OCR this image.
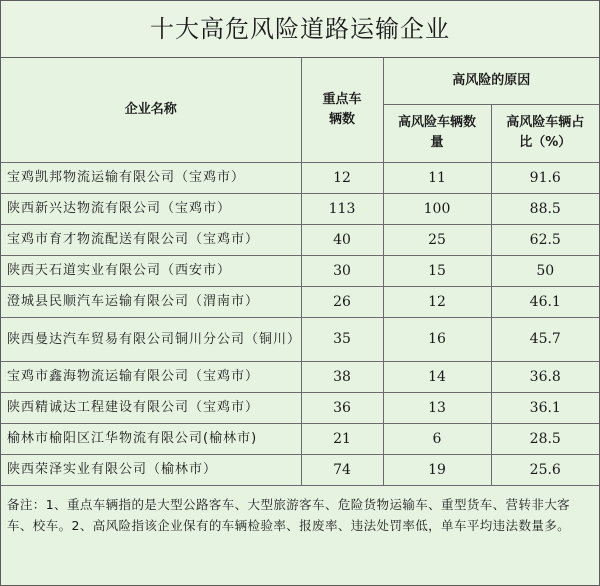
十大高危风险道路运输企业
企业名称	重点车辆数	高风险的原因	

		高风险车辆数量	高风险车辆占比（%）

宝鸡凯邦物流运输有限公司（宝鸡市）	12	11	91.6
陕西新兴达物流有限公司（宝鸡市）	113	100	88.5
宝鸡市育才物流配送有限公司（宝鸡市）	40	25	62.5
陕西天石道实业有限公司（西安市）	30	15	50
澄城县民顺汽车运输有限公司（渭南市）	26	12	46.1
陕西曼达汽车贸易有限公司铜川分公司（铜川）	35	16	45.7
宝鸡市鑫海物流运输有限公司（宝鸡市）	38	14	36.8
陕西精诚达工程建设有限公司（宝鸡市）	36	13	36.1
榆林市榆阳区江华物流有限公司(榆林市)	21	6	28.5
陕西荣泽实业有限公司（榆林市）	74	19	25.6
备注：1、重点车辆指的是大型公路客车、大型旅游客车、危险货物运输车、重型货车、营转非大客车、校车。2、高风险指该企业保有的车辆检验率、报废率、违法处罚率低，单车平均违法数量多。
